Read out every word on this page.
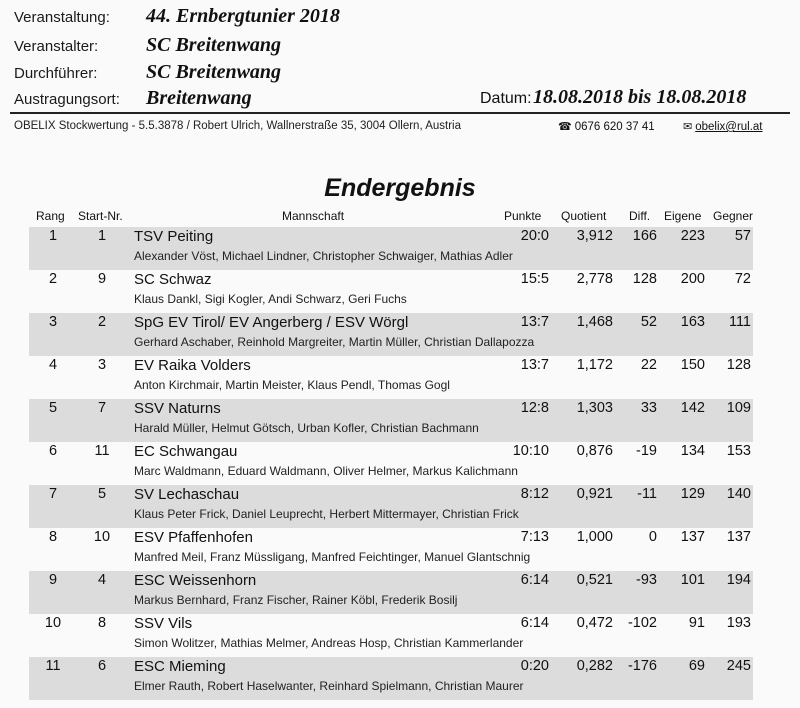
Veranstaltung: 44. Ernbergtunier 2018
Veranstalter: SC Breitenwang
Durchführer: SC Breitenwang
Austragungsort: Breitenwang	Datum: 18.08.2018 bis 18.08.2018
OBELIX Stockwertung - 5.5.3878 / Robert Ulrich, Wallnerstraße 35, 3004 Ollern, Austria	☎ 0676 620 37 41	✉ obelix@rul.at
Endergebnis
Rang Start-Nr.	Mannschaft	Punkte Quotient Diff. Eigene Gegner
1	1	TSV Peiting	20:0	3,912	166	223	57
Alexander Vöst, Michael Lindner, Christopher Schwaiger, Mathias Adler
2	9	SC Schwaz	15:5	2,778	128	200	72
Klaus Dankl, Sigi Kogler, Andi Schwarz, Geri Fuchs
3	2	SpG EV Tirol/ EV Angerberg / ESV Wörgl	13:7	1,468	52	163	111
Gerhard Aschaber, Reinhold Margreiter, Martin Müller, Christian Dallapozza
4	3	EV Raika Volders	13:7	1,172	22	150	128
Anton Kirchmair, Martin Meister, Klaus Pendl, Thomas Gogl
5	7	SSV Naturns	12:8	1,303	33	142	109
Harald Müller, Helmut Götsch, Urban Kofler, Christian Bachmann
6	11	EC Schwangau	10:10	0,876	-19	134	153
Marc Waldmann, Eduard Waldmann, Oliver Helmer, Markus Kalichmann
7	5	SV Lechaschau	8:12	0,921	-11	129	140
Klaus Peter Frick, Daniel Leuprecht, Herbert Mittermayer, Christian Frick
8	10	ESV Pfaffenhofen	7:13	1,000	0	137	137
Manfred Meil, Franz Müssligang, Manfred Feichtinger, Manuel Glantschnig
9	4	ESC Weissenhorn	6:14	0,521	-93	101	194
Markus Bernhard, Franz Fischer, Rainer Köbl, Frederik Bosilj
10	8	SSV Vils	6:14	0,472	-102	91	193
Simon Wolitzer, Mathias Melmer, Andreas Hosp, Christian Kammerlander
11	6	ESC Mieming	0:20	0,282	-176	69	245
Elmer Rauth, Robert Haselwanter, Reinhard Spielmann, Christian Maurer
